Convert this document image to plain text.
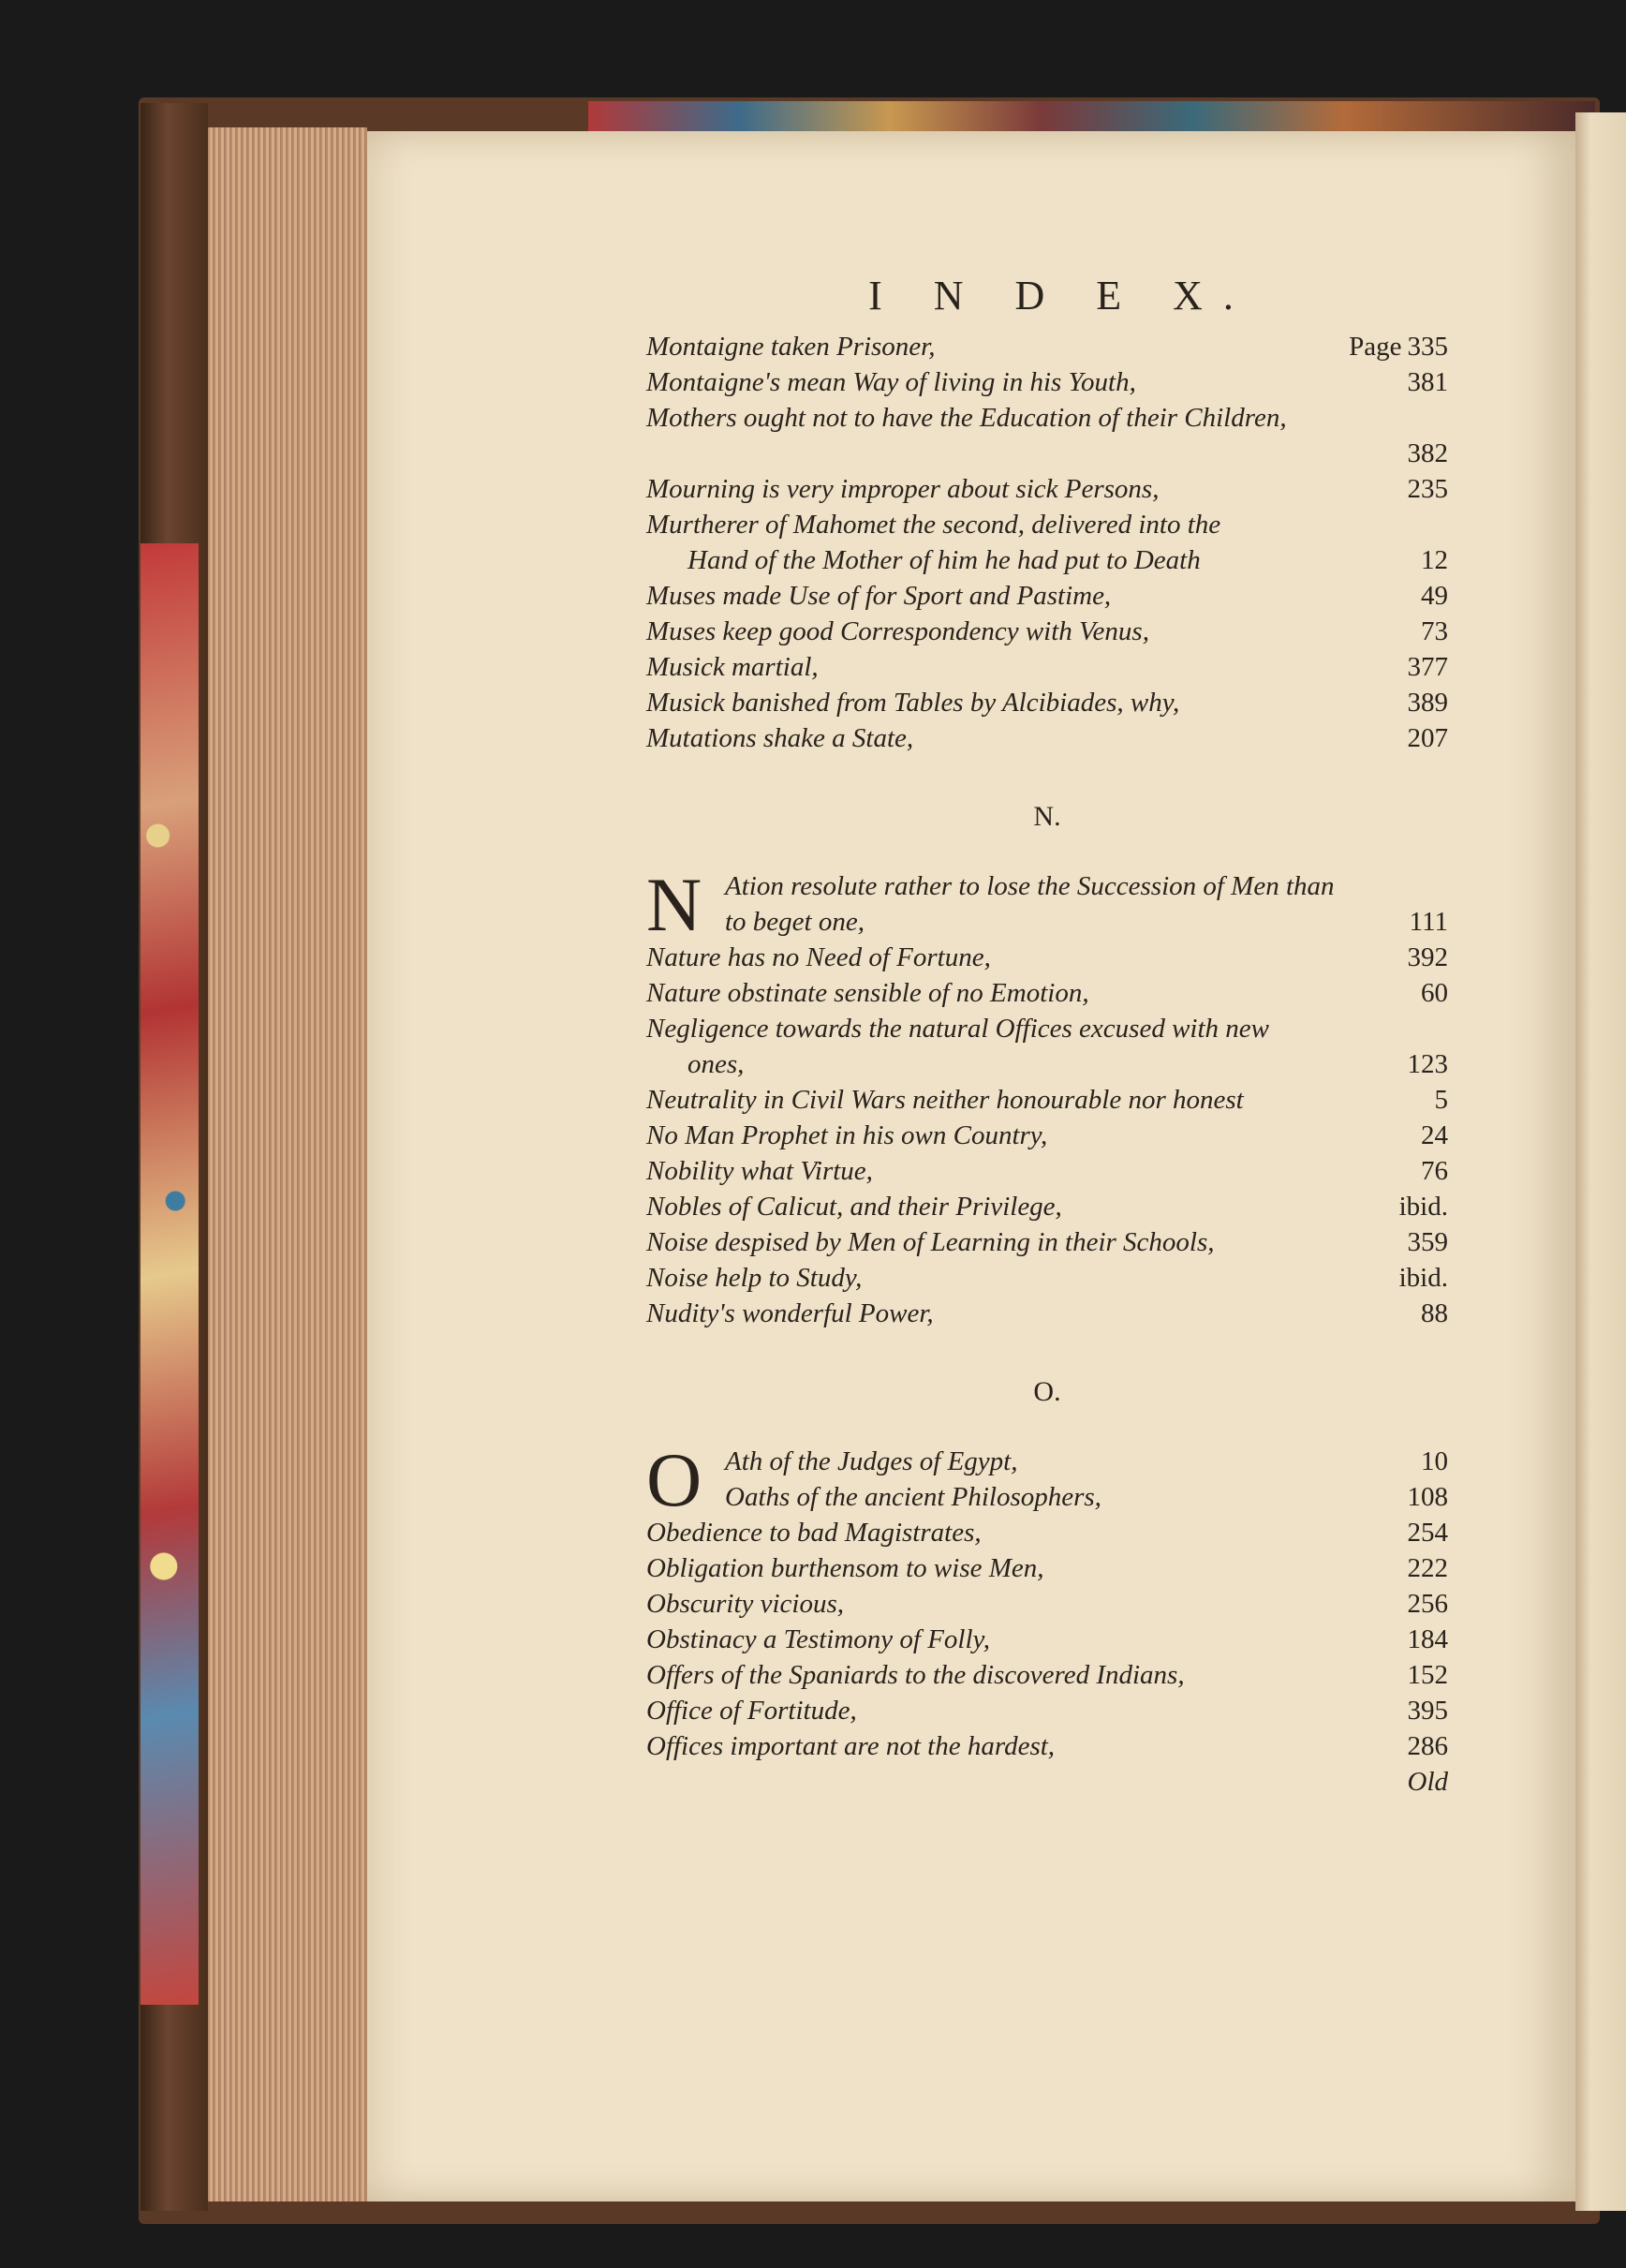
I N D E X.
Montaigne taken Prisoner,	Page 335
Montaigne's mean Way of living in his Youth,	381
Mothers ought not to have the Education of their Children,
382
Mourning is very improper about sick Persons,	235
Murtherer of Mahomet the second, delivered into the
Hand of the Mother of him he had put to Death	12
Muses made Use of for Sport and Pastime,	49
Muses keep good Correspondency with Venus,	73
Musick martial,	377
Musick banished from Tables by Alcibiades, why,	389
Mutations shake a State,	207
N.
N Ation resolute rather to lose the Succession of Men than
to beget one,	111
Nature has no Need of Fortune,	392
Nature obstinate sensible of no Emotion,	60
Negligence towards the natural Offices excused with new
ones,	123
Neutrality in Civil Wars neither honourable nor honest	5
No Man Prophet in his own Country,	24
Nobility what Virtue,	76
Nobles of Calicut, and their Privilege,	ibid.
Noise despised by Men of Learning in their Schools,	359
Noise help to Study,	ibid.
Nudity's wonderful Power,	88
O.
O Ath of the Judges of Egypt,	10
Oaths of the ancient Philosophers,	108
Obedience to bad Magistrates,	254
Obligation burthensom to wise Men,	222
Obscurity vicious,	256
Obstinacy a Testimony of Folly,	184
Offers of the Spaniards to the discovered Indians,	152
Office of Fortitude,	395
Offices important are not the hardest,	286
Old
